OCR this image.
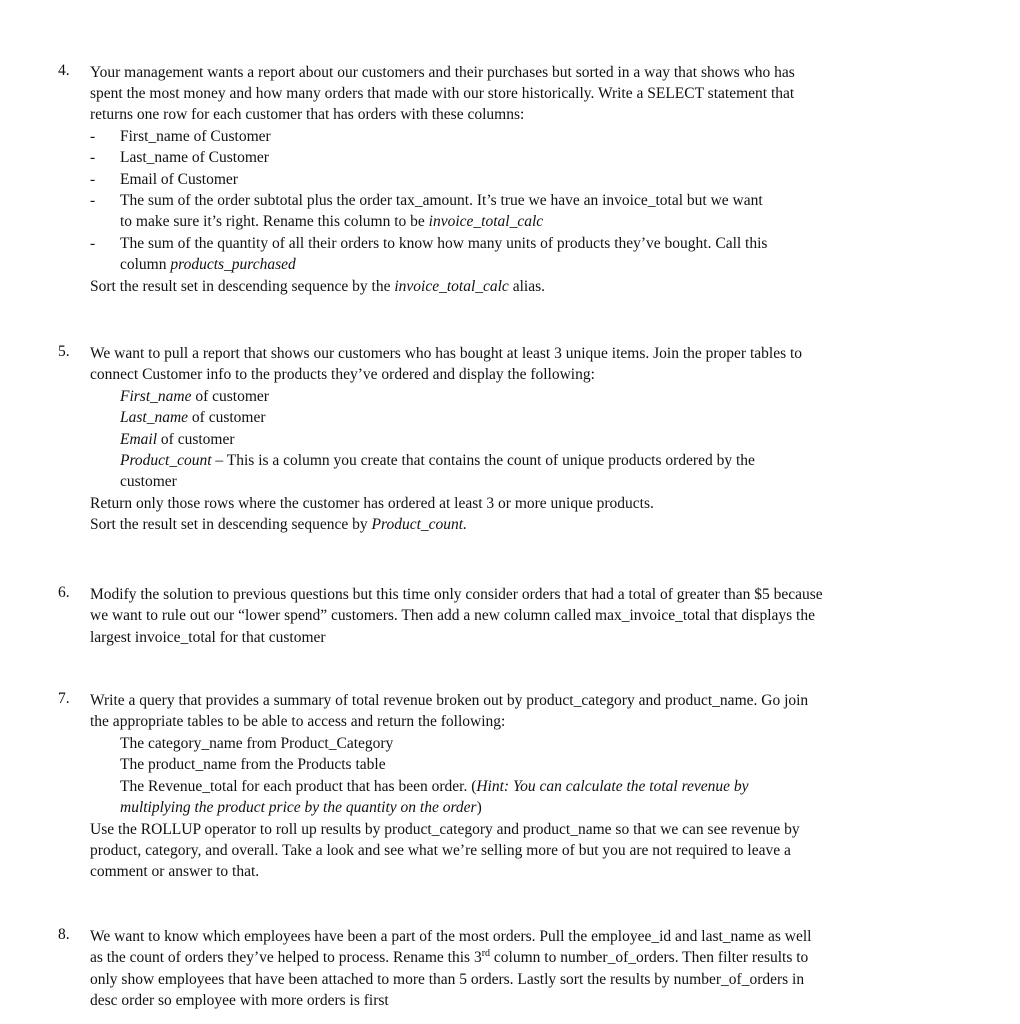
4. Your management wants a report about our customers and their purchases but sorted in a way that shows who has
spent the most money and how many orders that made with our store historically. Write a SELECT statement that
returns one row for each customer that has orders with these columns:
- First_name of Customer
- Last_name of Customer
- Email of Customer
- The sum of the order subtotal plus the order tax_amount. It’s true we have an invoice_total but we want
to make sure it’s right. Rename this column to be invoice_total_calc
- The sum of the quantity of all their orders to know how many units of products they’ve bought. Call this
column products_purchased
Sort the result set in descending sequence by the invoice_total_calc alias.
5. We want to pull a report that shows our customers who has bought at least 3 unique items. Join the proper tables to
connect Customer info to the products they’ve ordered and display the following:
First_name of customer
Last_name of customer
Email of customer
Product_count – This is a column you create that contains the count of unique products ordered by the
customer
Return only those rows where the customer has ordered at least 3 or more unique products.
Sort the result set in descending sequence by Product_count.
6. Modify the solution to previous questions but this time only consider orders that had a total of greater than $5 because
we want to rule out our “lower spend” customers. Then add a new column called max_invoice_total that displays the
largest invoice_total for that customer
7. Write a query that provides a summary of total revenue broken out by product_category and product_name. Go join
the appropriate tables to be able to access and return the following:
The category_name from Product_Category
The product_name from the Products table
The Revenue_total for each product that has been order. (Hint: You can calculate the total revenue by
multiplying the product price by the quantity on the order)
Use the ROLLUP operator to roll up results by product_category and product_name so that we can see revenue by
product, category, and overall. Take a look and see what we’re selling more of but you are not required to leave a
comment or answer to that.
8. We want to know which employees have been a part of the most orders. Pull the employee_id and last_name as well
as the count of orders they’ve helped to process. Rename this 3rd column to number_of_orders. Then filter results to
only show employees that have been attached to more than 5 orders. Lastly sort the results by number_of_orders in
desc order so employee with more orders is first
